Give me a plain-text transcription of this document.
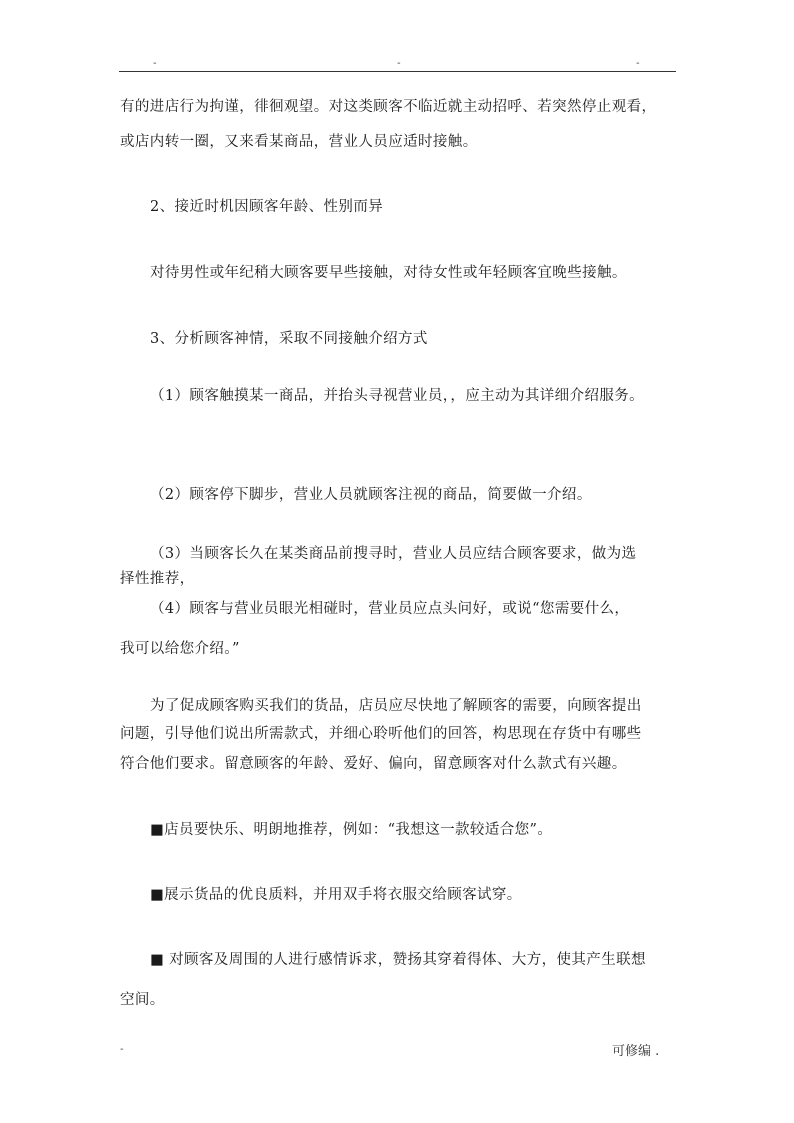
-	-	-
有的进店行为拘谨，徘徊观望。对这类顾客不临近就主动招呼、若突然停止观看，
或店内转一圈，又来看某商品，营业人员应适时接触。
2、接近时机因顾客年龄、性别而异
对待男性或年纪稍大顾客要早些接触，对待女性或年轻顾客宜晚些接触。
3、分析顾客神情，采取不同接触介绍方式
（1）顾客触摸某一商品，并抬头寻视营业员，，应主动为其详细介绍服务。
（2）顾客停下脚步，营业人员就顾客注视的商品，简要做一介绍。
（3）当顾客长久在某类商品前搜寻时，营业人员应结合顾客要求，做为选
择性推荐，
（4）顾客与营业员眼光相碰时，营业员应点头问好，或说“您需要什么，
我可以给您介绍。”
为了促成顾客购买我们的货品，店员应尽快地了解顾客的需要，向顾客提出
问题，引导他们说出所需款式，并细心聆听他们的回答，构思现在存货中有哪些
符合他们要求。留意顾客的年龄、爱好、偏向，留意顾客对什么款式有兴趣。
■店员要快乐、明朗地推荐，例如：“我想这一款较适合您”。
■展示货品的优良质料，并用双手将衣服交给顾客试穿。
■ 对顾客及周围的人进行感情诉求，赞扬其穿着得体、大方，使其产生联想
空间。
-	可修编 .
